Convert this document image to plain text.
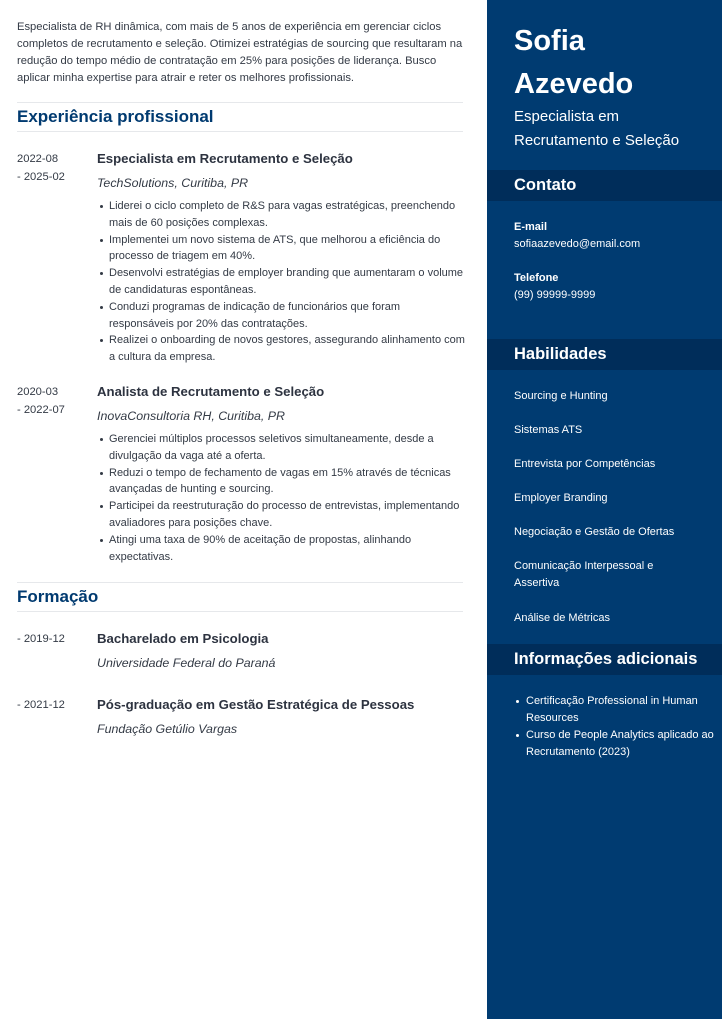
Especialista de RH dinâmica, com mais de 5 anos de experiência em gerenciar ciclos completos de recrutamento e seleção. Otimizei estratégias de sourcing que resultaram na redução do tempo médio de contratação em 25% para posições de liderança. Busco aplicar minha expertise para atrair e reter os melhores profissionais.

Experiência profissional
2022-08
- 2025-02

Especialista em Recrutamento e Seleção

TechSolutions, Curitiba, PR

Liderei o ciclo completo de R&S para vagas estratégicas, preenchendo mais de 60 posições complexas.
Implementei um novo sistema de ATS, que melhorou a eficiência do processo de triagem em 40%.
Desenvolvi estratégias de employer branding que aumentaram o volume de candidaturas espontâneas.
Conduzi programas de indicação de funcionários que foram responsáveis por 20% das contratações.
Realizei o onboarding de novos gestores, assegurando alinhamento com a cultura da empresa.
2020-03
- 2022-07

Analista de Recrutamento e Seleção

InovaConsultoria RH, Curitiba, PR

Gerenciei múltiplos processos seletivos simultaneamente, desde a divulgação da vaga até a oferta.
Reduzi o tempo de fechamento de vagas em 15% através de técnicas avançadas de hunting e sourcing.
Participei da reestruturação do processo de entrevistas, implementando avaliadores para posições chave.
Atingi uma taxa de 90% de aceitação de propostas, alinhando expectativas.
Formação
- 2019-12	Bacharelado em Psicologia

Universidade Federal do Paraná

- 2021-12	Pós-graduação em Gestão Estratégica de Pessoas

Fundação Getúlio Vargas

Sofia
Azevedo
Especialista em Recrutamento e Seleção
Contato
E-mail
sofiaazevedo@email.com
Telefone
(99) 99999-9999
Habilidades
Sourcing e Hunting
Sistemas ATS
Entrevista por Competências
Employer Branding
Negociação e Gestão de Ofertas
Comunicação Interpessoal e Assertiva
Análise de Métricas
Informações adicionais
Certificação Professional in Human Resources
Curso de People Analytics aplicado ao Recrutamento (2023)
